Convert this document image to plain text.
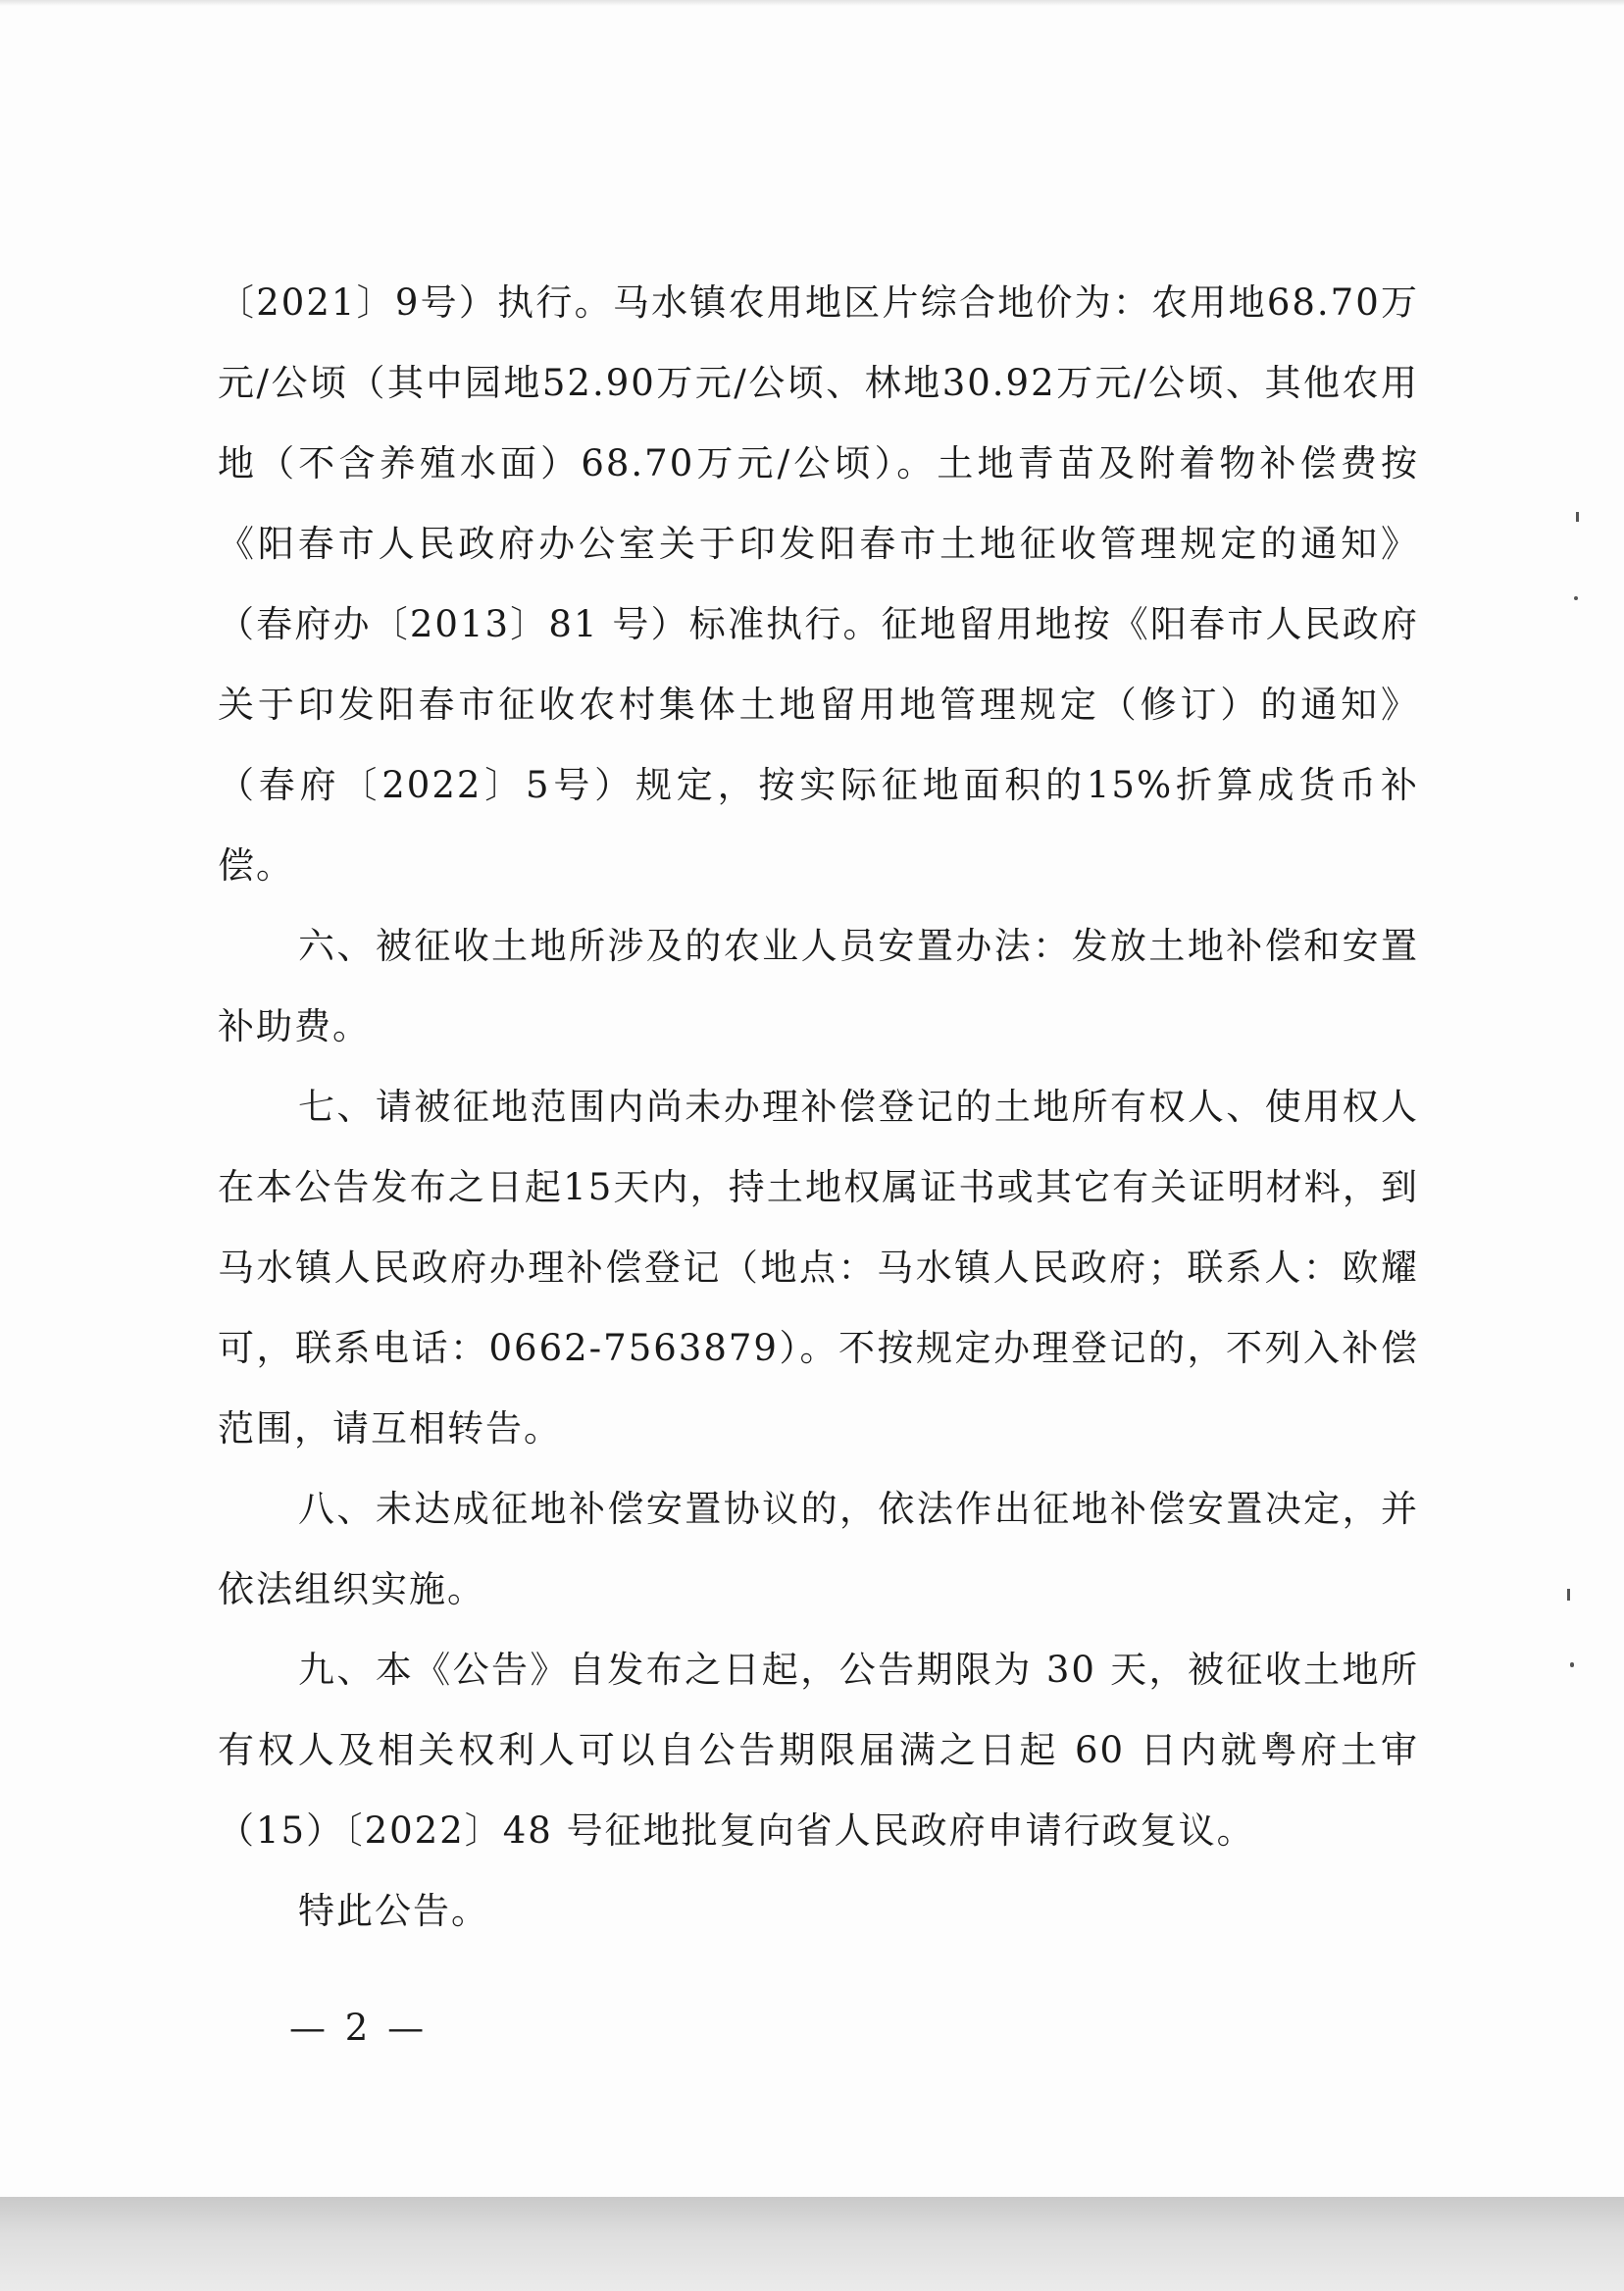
〔2021〕9号）执行。马水镇农用地区片综合地价为：农用地68.70万元/公顷（其中园地52.90万元/公顷、林地30.92万元/公顷、其他农用地（不含养殖水面）68.70万元/公顷）。土地青苗及附着物补偿费按《阳春市人民政府办公室关于印发阳春市土地征收管理规定的通知》（春府办〔2013〕81 号）标准执行。征地留用地按《阳春市人民政府关于印发阳春市征收农村集体土地留用地管理规定（修订）的通知》（春府〔2022〕5号）规定，按实际征地面积的15%折算成货币补偿。

六、被征收土地所涉及的农业人员安置办法：发放土地补偿和安置补助费。

七、请被征地范围内尚未办理补偿登记的土地所有权人、使用权人在本公告发布之日起15天内，持土地权属证书或其它有关证明材料，到马水镇人民政府办理补偿登记（地点：马水镇人民政府；联系人：欧耀可，联系电话：0662-7563879）。不按规定办理登记的，不列入补偿范围，请互相转告。

八、未达成征地补偿安置协议的，依法作出征地补偿安置决定，并依法组织实施。

九、本《公告》自发布之日起，公告期限为 30 天，被征收土地所有权人及相关权利人可以自公告期限届满之日起 60 日内就粤府土审（15）〔2022〕48 号征地批复向省人民政府申请行政复议。

特此公告。

— 2 —
